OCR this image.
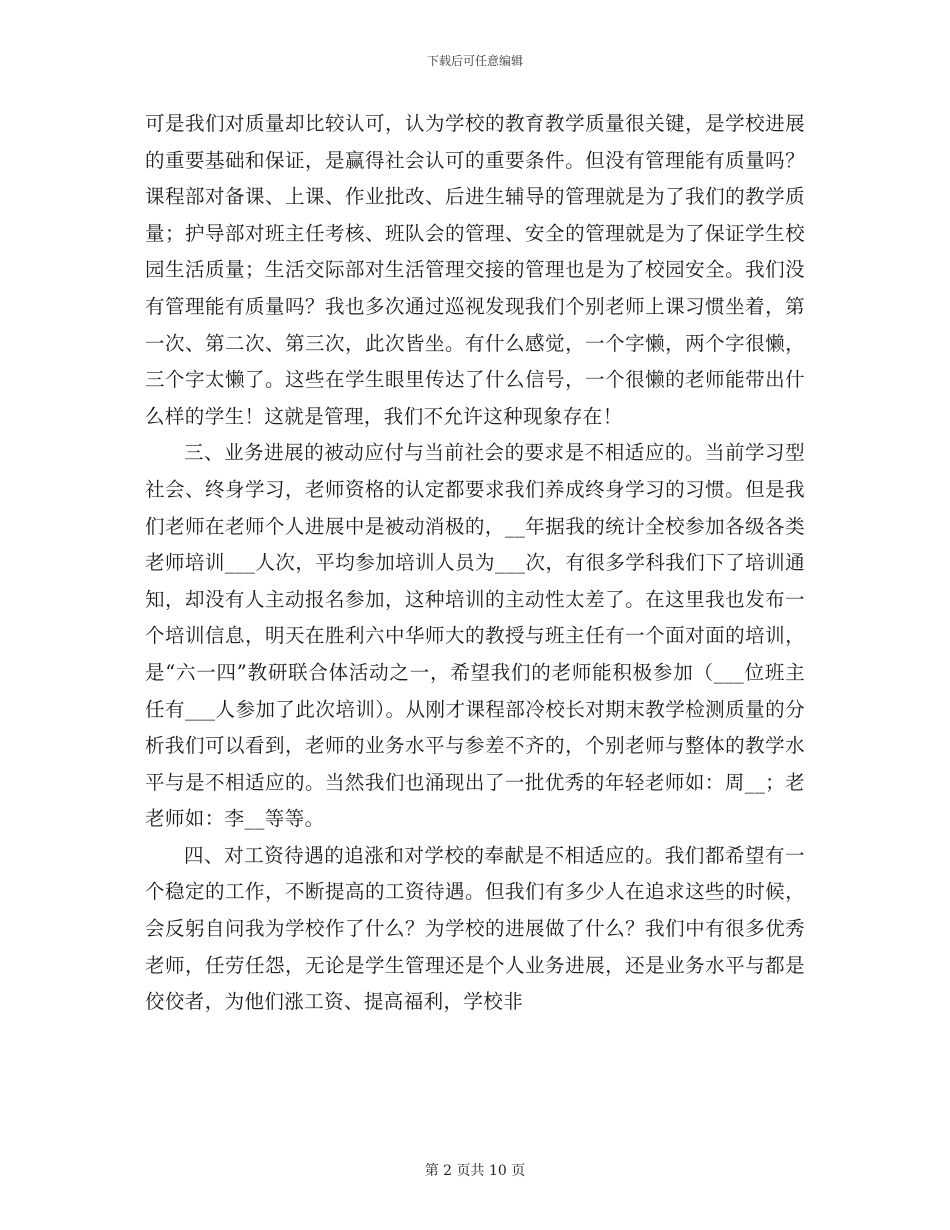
下载后可任意编辑

可是我们对质量却比较认可，认为学校的教育教学质量很关键，是学校进展的重要基础和保证，是赢得社会认可的重要条件。但没有管理能有质量吗？课程部对备课、上课、作业批改、后进生辅导的管理就是为了我们的教学质量；护导部对班主任考核、班队会的管理、安全的管理就是为了保证学生校园生活质量；生活交际部对生活管理交接的管理也是为了校园安全。我们没有管理能有质量吗？我也多次通过巡视发现我们个别老师上课习惯坐着，第一次、第二次、第三次，此次皆坐。有什么感觉，一个字懒，两个字很懒，三个字太懒了。这些在学生眼里传达了什么信号，一个很懒的老师能带出什么样的学生！这就是管理，我们不允许这种现象存在！

三、业务进展的被动应付与当前社会的要求是不相适应的。当前学习型社会、终身学习，老师资格的认定都要求我们养成终身学习的习惯。但是我们老师在老师个人进展中是被动消极的，__年据我的统计全校参加各级各类老师培训___人次，平均参加培训人员为___次，有很多学科我们下了培训通知，却没有人主动报名参加，这种培训的主动性太差了。在这里我也发布一个培训信息，明天在胜利六中华师大的教授与班主任有一个面对面的培训，是“六一四”教研联合体活动之一，希望我们的老师能积极参加（___位班主任有___人参加了此次培训）。从刚才课程部冷校长对期末教学检测质量的分析我们可以看到，老师的业务水平与参差不齐的，个别老师与整体的教学水平与是不相适应的。当然我们也涌现出了一批优秀的年轻老师如：周__；老老师如：李__等等。

四、对工资待遇的追涨和对学校的奉献是不相适应的。我们都希望有一个稳定的工作，不断提高的工资待遇。但我们有多少人在追求这些的时候，会反躬自问我为学校作了什么？为学校的进展做了什么？我们中有很多优秀老师，任劳任怨，无论是学生管理还是个人业务进展，还是业务水平与都是佼佼者，为他们涨工资、提高福利，学校非

第 2 页共 10 页
